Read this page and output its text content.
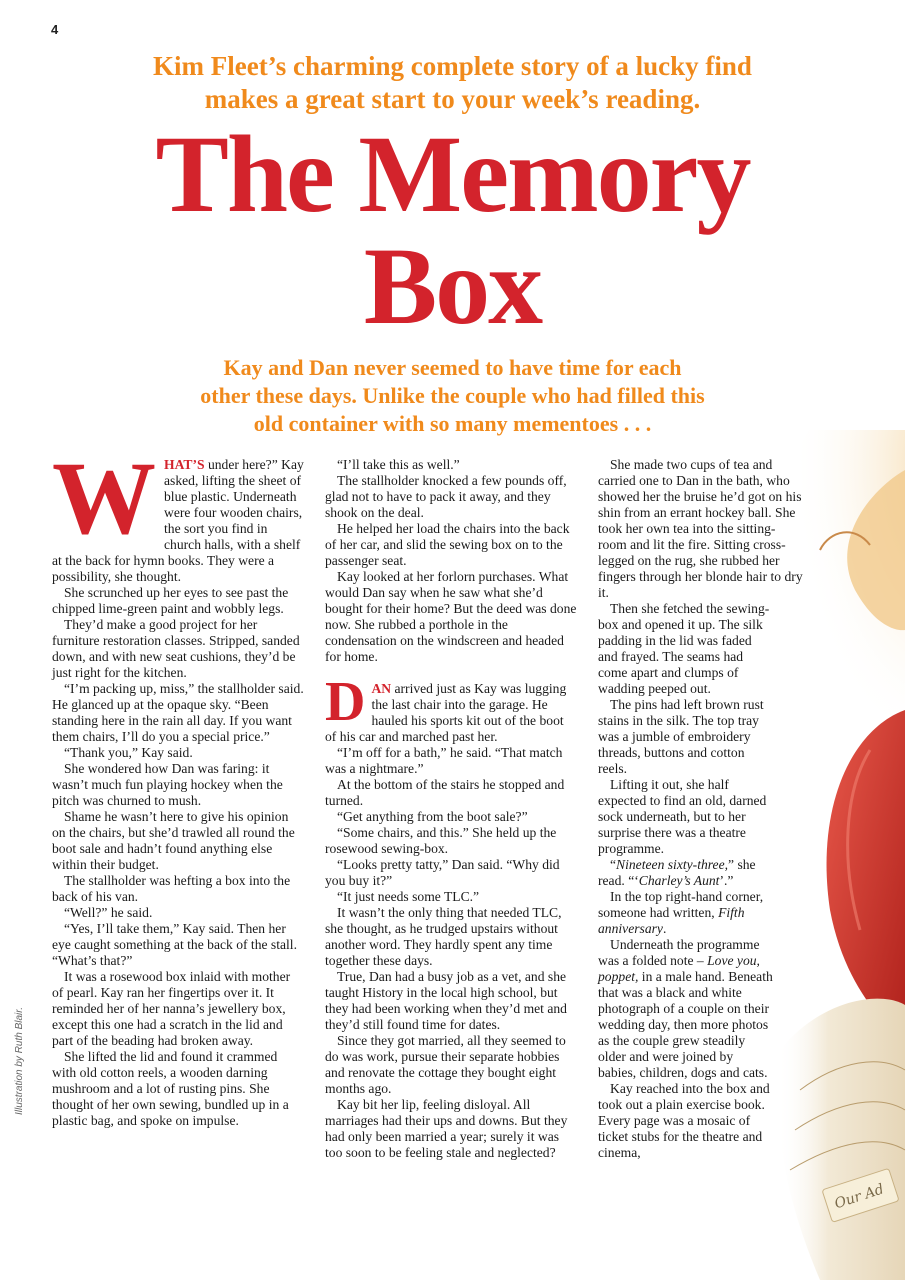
4
Kim Fleet’s charming complete story of a lucky find
makes a great start to your week’s reading.
The Memory
Box
Kay and Dan never seemed to have time for each
other these days. Unlike the couple who had filled this
old container with so many mementoes . . .
Our Ad
Illustration by Ruth Blair.

WHAT’S under here?” Kay asked, lifting the sheet of blue plastic. Underneath were four wooden chairs, the sort you find in church halls, with a shelf at the back for hymn books. They were a possibility, she thought.

She scrunched up her eyes to see past the chipped lime-green paint and wobbly legs.

They’d make a good project for her furniture restoration classes. Stripped, sanded down, and with new seat cushions, they’d be just right for the kitchen.

“I’m packing up, miss,” the stallholder said. He glanced up at the opaque sky. “Been standing here in the rain all day. If you want them chairs, I’ll do you a special price.”

“Thank you,” Kay said.

She wondered how Dan was faring: it wasn’t much fun playing hockey when the pitch was churned to mush.

Shame he wasn’t here to give his opinion on the chairs, but she’d trawled all round the boot sale and hadn’t found anything else within their budget.

The stallholder was hefting a box into the back of his van.

“Well?” he said.

“Yes, I’ll take them,” Kay said. Then her eye caught something at the back of the stall. “What’s that?”

It was a rosewood box inlaid with mother of pearl. Kay ran her fingertips over it. It reminded her of her nanna’s jewellery box, except this one had a scratch in the lid and part of the beading had broken away.

She lifted the lid and found it crammed with old cotton reels, a wooden darning mushroom and a lot of rusting pins. She thought of her own sewing, bundled up in a plastic bag, and spoke on impulse.

“I’ll take this as well.”

The stallholder knocked a few pounds off, glad not to have to pack it away, and they shook on the deal.

He helped her load the chairs into the back of her car, and slid the sewing box on to the passenger seat.

Kay looked at her forlorn purchases. What would Dan say when he saw what she’d bought for their home? But the deed was done now. She rubbed a porthole in the condensation on the windscreen and headed for home.

DAN arrived just as Kay was lugging the last chair into the garage. He hauled his sports kit out of the boot of his car and marched past her.

“I’m off for a bath,” he said. “That match was a nightmare.”

At the bottom of the stairs he stopped and turned.

“Get anything from the boot sale?”

“Some chairs, and this.” She held up the rosewood sewing-box.

“Looks pretty tatty,” Dan said. “Why did you buy it?”

“It just needs some TLC.”

It wasn’t the only thing that needed TLC, she thought, as he trudged upstairs without another word. They hardly spent any time together these days.

True, Dan had a busy job as a vet, and she taught History in the local high school, but they had been working when they’d met and they’d still found time for dates.

Since they got married, all they seemed to do was work, pursue their separate hobbies and renovate the cottage they bought eight months ago.

Kay bit her lip, feeling disloyal. All marriages had their ups and downs. But they had only been married a year; surely it was too soon to be feeling stale and neglected?

She made two cups of tea and carried one to Dan in the bath, who showed her the bruise he’d got on his shin from an errant hockey ball. She took her own tea into the sitting-room and lit the fire. Sitting cross-legged on the rug, she rubbed her fingers through her blonde hair to dry it.

Then she fetched the sewing-box and opened it up. The silk padding in the lid was faded and frayed. The seams had come apart and clumps of wadding peeped out.

The pins had left brown rust stains in the silk. The top tray was a jumble of embroidery threads, buttons and cotton reels.

Lifting it out, she half expected to find an old, darned sock underneath, but to her surprise there was a theatre programme.

“Nineteen sixty-three,” she read. “‘Charley’s Aunt’.”

In the top right-hand corner, someone had written, Fifth anniversary.

Underneath the programme was a folded note – Love you, poppet, in a male hand. Beneath that was a black and white photograph of a couple on their wedding day, then more photos as the couple grew steadily older and were joined by babies, children, dogs and cats.

Kay reached into the box and took out a plain exercise book. Every page was a mosaic of ticket stubs for the theatre and cinema,
